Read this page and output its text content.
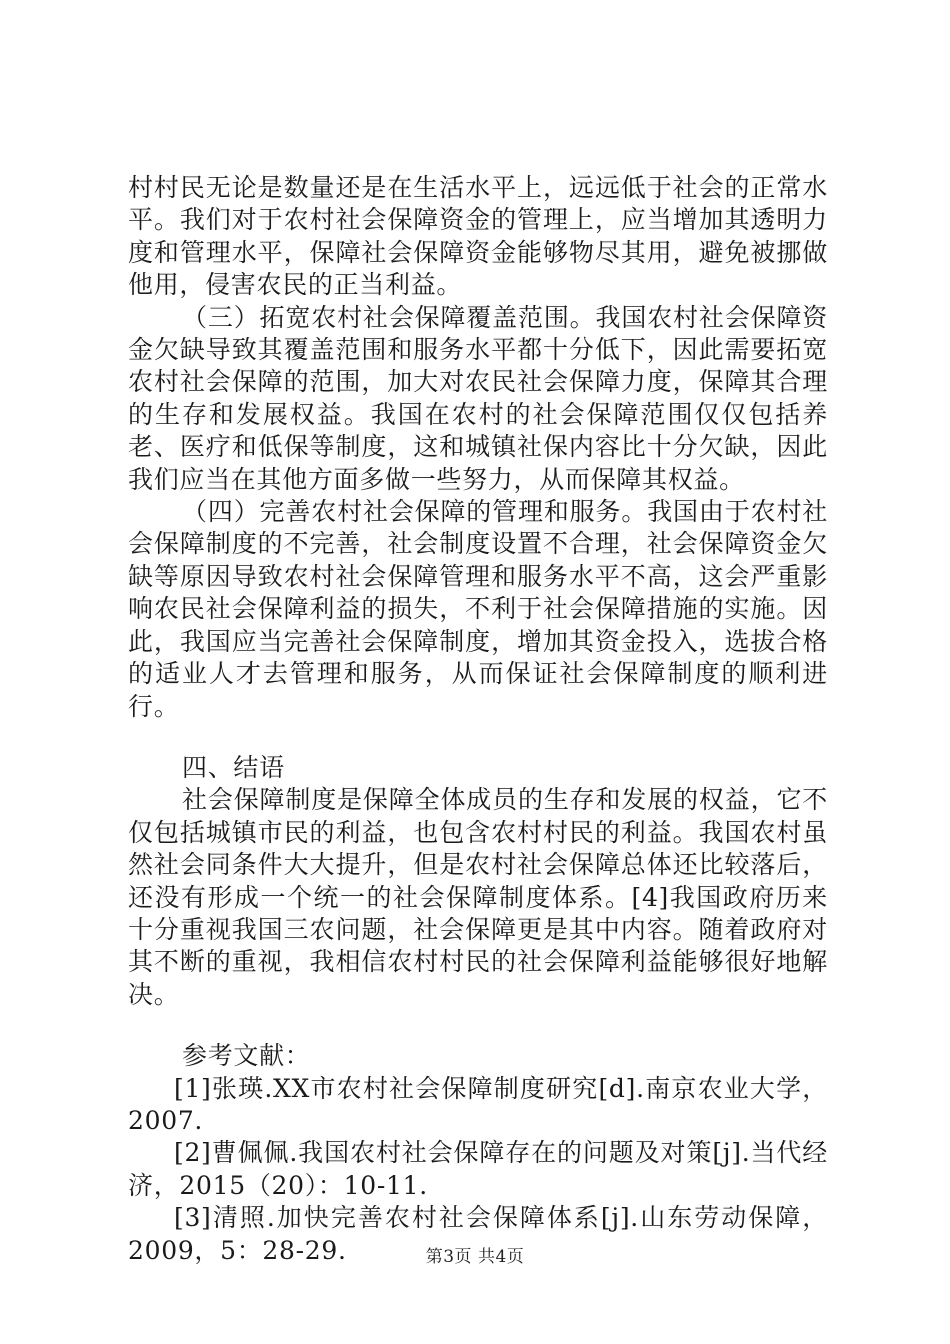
村村民无论是数量还是在生活水平上，远远低于社会的正常水平。我们对于农村社会保障资金的管理上，应当增加其透明力度和管理水平，保障社会保障资金能够物尽其用，避免被挪做他用，侵害农民的正当利益。

（三）拓宽农村社会保障覆盖范围。我国农村社会保障资金欠缺导致其覆盖范围和服务水平都十分低下，因此需要拓宽农村社会保障的范围，加大对农民社会保障力度，保障其合理的生存和发展权益。我国在农村的社会保障范围仅仅包括养老、医疗和低保等制度，这和城镇社保内容比十分欠缺，因此我们应当在其他方面多做一些努力，从而保障其权益。

（四）完善农村社会保障的管理和服务。我国由于农村社会保障制度的不完善，社会制度设置不合理，社会保障资金欠缺等原因导致农村社会保障管理和服务水平不高，这会严重影响农民社会保障利益的损失，不利于社会保障措施的实施。因此，我国应当完善社会保障制度，增加其资金投入，选拔合格的适业人才去管理和服务，从而保证社会保障制度的顺利进行。

四、结语

社会保障制度是保障全体成员的生存和发展的权益，它不仅包括城镇市民的利益，也包含农村村民的利益。我国农村虽然社会同条件大大提升，但是农村社会保障总体还比较落后，还没有形成一个统一的社会保障制度体系。[4]我国政府历来十分重视我国三农问题，社会保障更是其中内容。随着政府对其不断的重视，我相信农村村民的社会保障利益能够很好地解决。

参考文献：

[1]张瑛.XX市农村社会保障制度研究[d].南京农业大学，2007.

[2]曹佩佩.我国农村社会保障存在的问题及对策[j].当代经济，2015（20）：10-11.

[3]清照.加快完善农村社会保障体系[j].山东劳动保障，2009，5：28-29.	第3页 共4页
